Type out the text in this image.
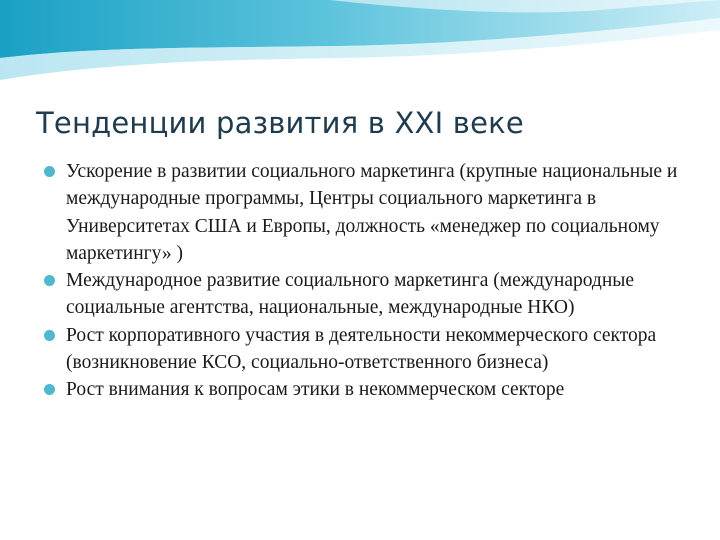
Тенденции развития в XXI веке
Ускорение в развитии социального маркетинга (крупные национальные и международные программы, Центры социального маркетинга в Университетах США и Европы, должность «менеджер по социальному маркетингу» )
Международное развитие социального маркетинга (международные социальные агентства, национальные, международные НКО)
Рост корпоративного участия в деятельности некоммерческого сектора (возникновение КСО, социально-ответственного бизнеса)
Рост внимания к вопросам этики в некоммерческом секторе
